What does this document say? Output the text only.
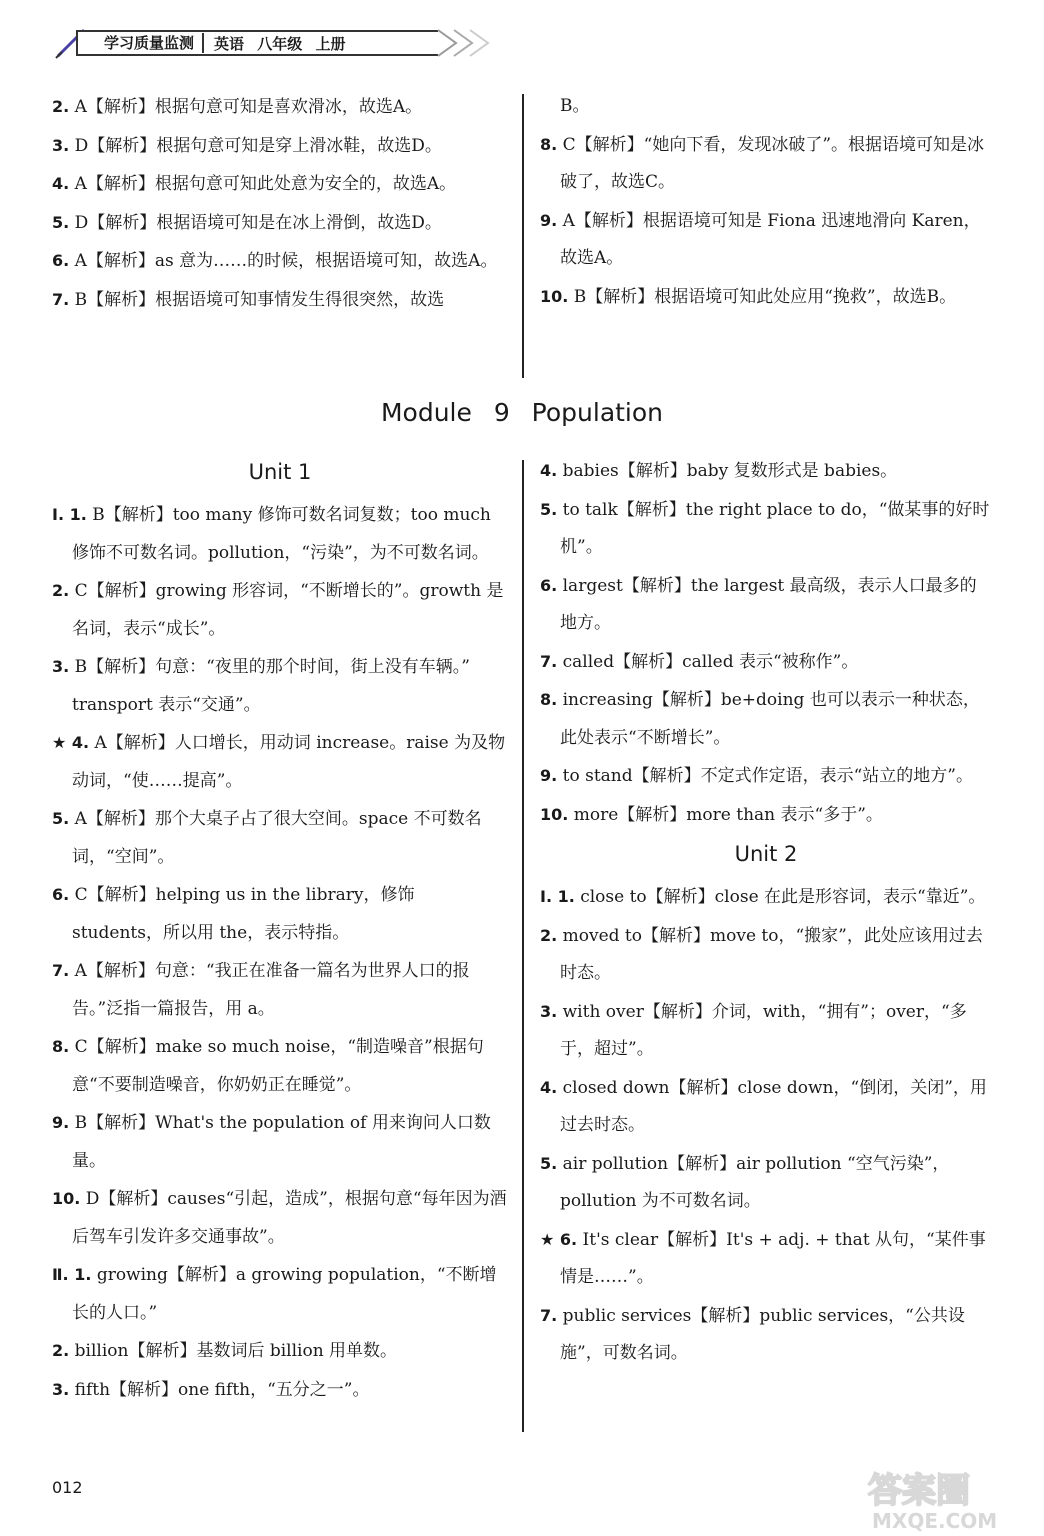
学习质量监测	英语 八年级 上册

2. A【解析】根据句意可知是喜欢滑冰，故选A。

3. D【解析】根据句意可知是穿上滑冰鞋，故选D。

4. A【解析】根据句意可知此处意为安全的，故选A。

5. D【解析】根据语境可知是在冰上滑倒，故选D。

6. A【解析】as 意为……的时候，根据语境可知，故选A。

7. B【解析】根据语境可知事情发生得很突然，故选

B。

8. C【解析】“她向下看，发现冰破了”。根据语境可知是冰破了，故选C。

9. A【解析】根据语境可知是 Fiona 迅速地滑向 Karen，故选A。

10. B【解析】根据语境可知此处应用“挽救”，故选B。

Module 9 Population
Unit 1

Ⅰ. 1. B【解析】too many 修饰可数名词复数；too much 修饰不可数名词。pollution，“污染”，为不可数名词。

2. C【解析】growing 形容词，“不断增长的”。growth 是名词，表示“成长”。

3. B【解析】句意：“夜里的那个时间，街上没有车辆。” transport 表示“交通”。

★ 4. A【解析】人口增长，用动词 increase。raise 为及物动词，“使……提高”。

5. A【解析】那个大桌子占了很大空间。space 不可数名词，“空间”。

6. C【解析】helping us in the library，修饰 students，所以用 the，表示特指。

7. A【解析】句意：“我正在准备一篇名为世界人口的报告。”泛指一篇报告，用 a。

8. C【解析】make so much noise，“制造噪音”根据句意“不要制造噪音，你奶奶正在睡觉”。

9. B【解析】What's the population of 用来询问人口数量。

10. D【解析】causes“引起，造成”，根据句意“每年因为酒后驾车引发许多交通事故”。

Ⅱ. 1. growing【解析】a growing population，“不断增长的人口。”

2. billion【解析】基数词后 billion 用单数。

3. fifth【解析】one fifth，“五分之一”。

4. babies【解析】baby 复数形式是 babies。

5. to talk【解析】the right place to do，“做某事的好时机”。

6. largest【解析】the largest 最高级，表示人口最多的地方。

7. called【解析】called 表示“被称作”。

8. increasing【解析】be+doing 也可以表示一种状态，此处表示“不断增长”。

9. to stand【解析】不定式作定语，表示“站立的地方”。

10. more【解析】more than 表示“多于”。

Unit 2

Ⅰ. 1. close to【解析】close 在此是形容词，表示“靠近”。

2. moved to【解析】move to，“搬家”，此处应该用过去时态。

3. with over【解析】介词，with，“拥有”；over，“多于，超过”。

4. closed down【解析】close down，“倒闭，关闭”，用过去时态。

5. air pollution【解析】air pollution “空气污染”，pollution 为不可数名词。

★ 6. It's clear【解析】It's + adj. + that 从句，“某件事情是……”。

7. public services【解析】public services，“公共设施”，可数名词。

012	答案圈
MXQE.COM
